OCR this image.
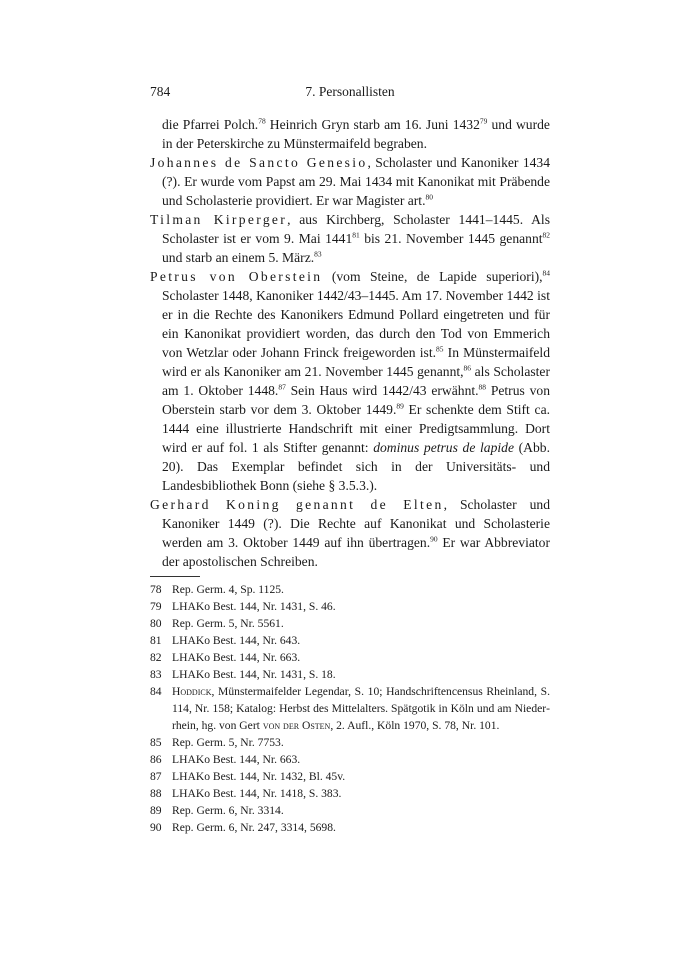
784	7. Personallisten

die Pfarrei Polch.$^{78}$ Heinrich Gryn starb am 16. Juni 1432$^{79}$ und wurde in der Peterskirche zu Münstermaifeld begraben.

Johannes de Sancto Genesio, Scholaster und Kanoniker 1434 (?). Er wurde vom Papst am 29. Mai 1434 mit Kanonikat mit Präbende und Scholasterie providiert. Er war Magister art.$^{80}$

Tilman Kirperger, aus Kirchberg, Scholaster 1441–1445. Als Scholaster ist er vom 9. Mai 1441$^{81}$ bis 21. November 1445 genannt$^{82}$ und starb an einem 5. März.$^{83}$

Petrus von Oberstein (vom Steine, de Lapide superiori),$^{84}$ Scholaster 1448, Kanoniker 1442/43–1445. Am 17. November 1442 ist er in die Rechte des Kanonikers Edmund Pollard eingetreten und für ein Kanonikat providiert worden, das durch den Tod von Emmerich von Wetzlar oder Johann Frinck freigeworden ist.$^{85}$ In Münstermaifeld wird er als Kanoniker am 21. November 1445 genannt,$^{86}$ als Scholaster am 1. Oktober 1448.87 Sein Haus wird 1442/43 erwähnt.$^{88}$ Petrus von Oberstein starb vor dem 3. Oktober 1449.89 Er schenkte dem Stift ca. 1444 eine illustrierte Handschrift mit einer Predigtsammlung. Dort wird er auf fol. 1 als Stifter genannt: dominus petrus de lapide (Abb. 20). Das Exemplar befindet sich in der Universitäts- und Landesbibliothek Bonn (siehe § 3.5.3.).

Gerhard Koning genannt de Elten, Scholaster und Kanoniker 1449 (?). Die Rechte auf Kanonikat und Scholasterie werden am 3. Oktober 1449 auf ihn übertragen.$^{90}$ Er war Abbreviator der apostolischen Schreiben.

78 Rep. Germ. 4, Sp. 1125.
79 LHAKo Best. 144, Nr. 1431, S. 46.
80 Rep. Germ. 5, Nr. 5561.
81 LHAKo Best. 144, Nr. 643.
82 LHAKo Best. 144, Nr. 663.
83 LHAKo Best. 144, Nr. 1431, S. 18.
84 Hoddick, Münstermaifelder Legendar, S. 10; Handschriftencensus Rheinland, S. 114, Nr. 158; Katalog: Herbst des Mittelalters. Spätgotik in Köln und am Niederrhein, hg. von Gert von der Osten, 2. Aufl., Köln 1970, S. 78, Nr. 101.
85 Rep. Germ. 5, Nr. 7753.
86 LHAKo Best. 144, Nr. 663.
87 LHAKo Best. 144, Nr. 1432, Bl. 45v.
88 LHAKo Best. 144, Nr. 1418, S. 383.
89 Rep. Germ. 6, Nr. 3314.
90 Rep. Germ. 6, Nr. 247, 3314, 5698.
